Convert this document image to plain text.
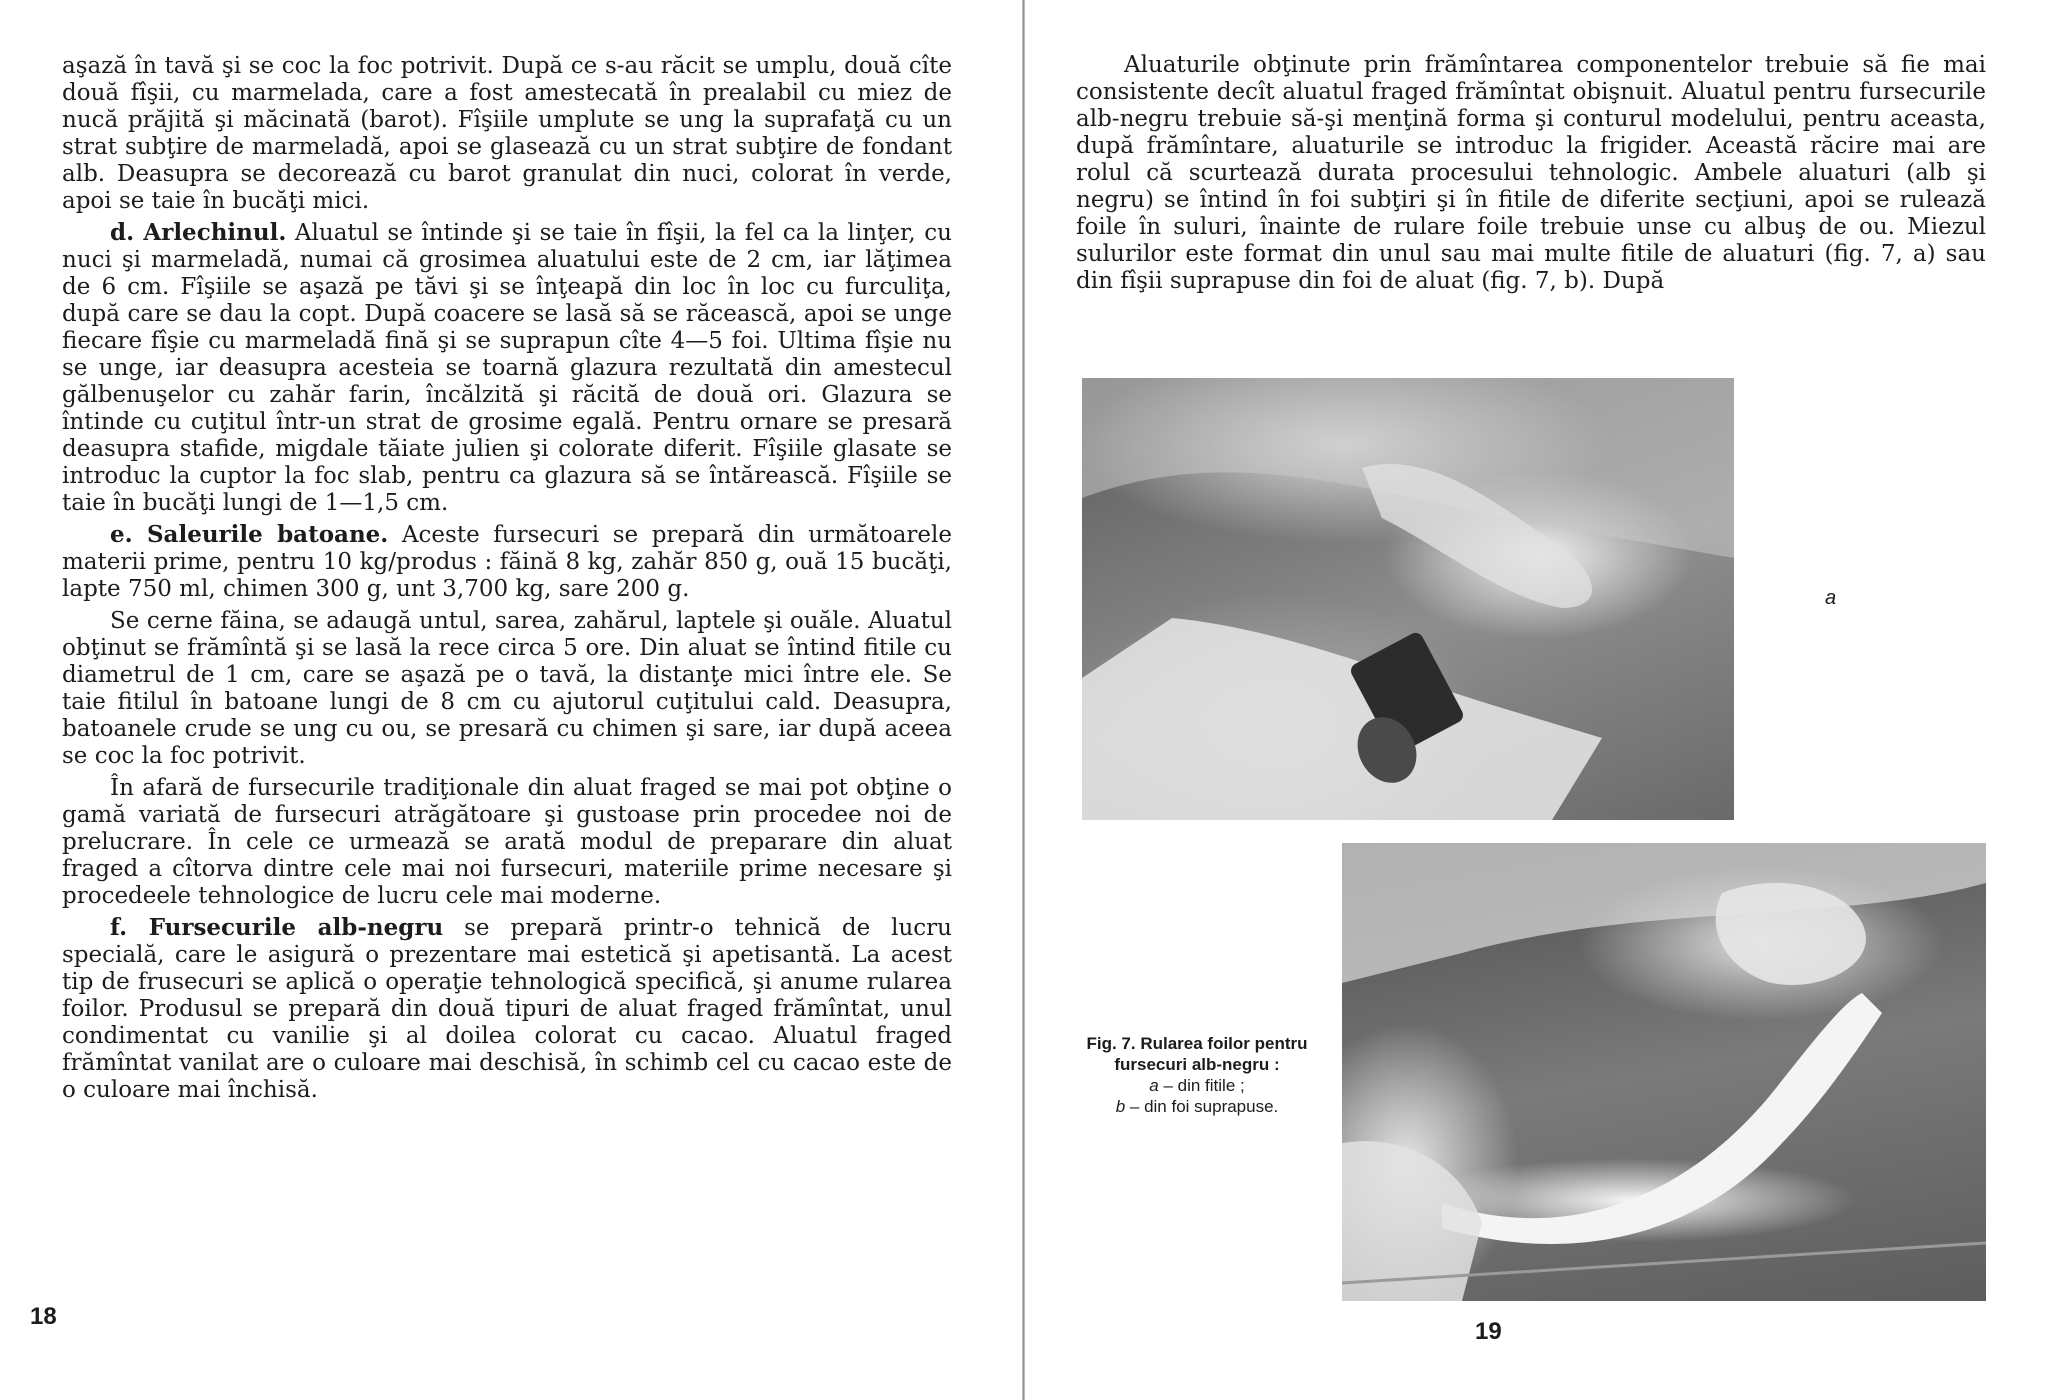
aşază în tavă şi se coc la foc potrivit. După ce s-au răcit se umplu, două cîte două fîşii, cu marmelada, care a fost amestecată în prealabil cu miez de nucă prăjită şi măcinată (barot). Fîşiile umplute se ung la suprafaţă cu un strat subţire de marmeladă, apoi se glasează cu un strat subţire de fondant alb. Deasupra se decorează cu barot granulat din nuci, colorat în verde, apoi se taie în bucăţi mici.

d. Arlechinul. Aluatul se întinde şi se taie în fîşii, la fel ca la linţer, cu nuci şi marmeladă, numai că grosimea aluatului este de 2 cm, iar lăţimea de 6 cm. Fîşiile se aşază pe tăvi şi se înţeapă din loc în loc cu furculiţa, după care se dau la copt. După coacere se lasă să se răcească, apoi se unge fiecare fîşie cu marmeladă fină şi se suprapun cîte 4—5 foi. Ultima fîşie nu se unge, iar deasupra acesteia se toarnă glazura rezultată din amestecul gălbenuşelor cu zahăr farin, încălzită şi răcită de două ori. Glazura se întinde cu cuţitul într-un strat de grosime egală. Pentru ornare se presară deasupra stafide, migdale tăiate julien şi colorate diferit. Fîşiile glasate se introduc la cuptor la foc slab, pentru ca glazura să se întărească. Fîşiile se taie în bucăţi lungi de 1—1,5 cm.

e. Saleurile batoane. Aceste fursecuri se prepară din următoarele materii prime, pentru 10 kg/produs : făină 8 kg, zahăr 850 g, ouă 15 bucăţi, lapte 750 ml, chimen 300 g, unt 3,700 kg, sare 200 g.

Se cerne făina, se adaugă untul, sarea, zahărul, laptele şi ouăle. Aluatul obţinut se frămîntă şi se lasă la rece circa 5 ore. Din aluat se întind fitile cu diametrul de 1 cm, care se aşază pe o tavă, la distanţe mici între ele. Se taie fitilul în batoane lungi de 8 cm cu ajutorul cuţitului cald. Deasupra, batoanele crude se ung cu ou, se presară cu chimen şi sare, iar după aceea se coc la foc potrivit.

În afară de fursecurile tradiţionale din aluat fraged se mai pot obţine o gamă variată de fursecuri atrăgătoare şi gustoase prin procedee noi de prelucrare. În cele ce urmează se arată modul de preparare din aluat fraged a cîtorva dintre cele mai noi fursecuri, materiile prime necesare şi procedeele tehnologice de lucru cele mai moderne.

f. Fursecurile alb-negru se prepară printr-o tehnică de lucru specială, care le asigură o prezentare mai estetică şi apetisantă. La acest tip de frusecuri se aplică o operaţie tehnologică specifică, şi anume rularea foilor. Produsul se prepară din două tipuri de aluat fraged frămîntat, unul condimentat cu vanilie şi al doilea colorat cu cacao. Aluatul fraged frămîntat vanilat are o culoare mai deschisă, în schimb cel cu cacao este de o culoare mai închisă.

18

Aluaturile obţinute prin frămîntarea componentelor trebuie să fie mai consistente decît aluatul fraged frămîntat obişnuit. Aluatul pentru fursecurile alb-negru trebuie să-şi menţină forma şi conturul modelului, pentru aceasta, după frămîntare, aluaturile se introduc la frigider. Această răcire mai are rolul că scurtează durata procesului tehnologic. Ambele aluaturi (alb şi negru) se întind în foi subţiri şi în fitile de diferite secţiuni, apoi se rulează foile în suluri, înainte de rulare foile trebuie unse cu albuş de ou. Miezul sulurilor este format din unul sau mai multe fitile de aluaturi (fig. 7, a) sau din fîşii suprapuse din foi de aluat (fig. 7, b). După

a
Fig. 7. Rularea foilor pentru fursecuri alb-negru :
a – din fitile ;
b – din foi suprapuse.
19
